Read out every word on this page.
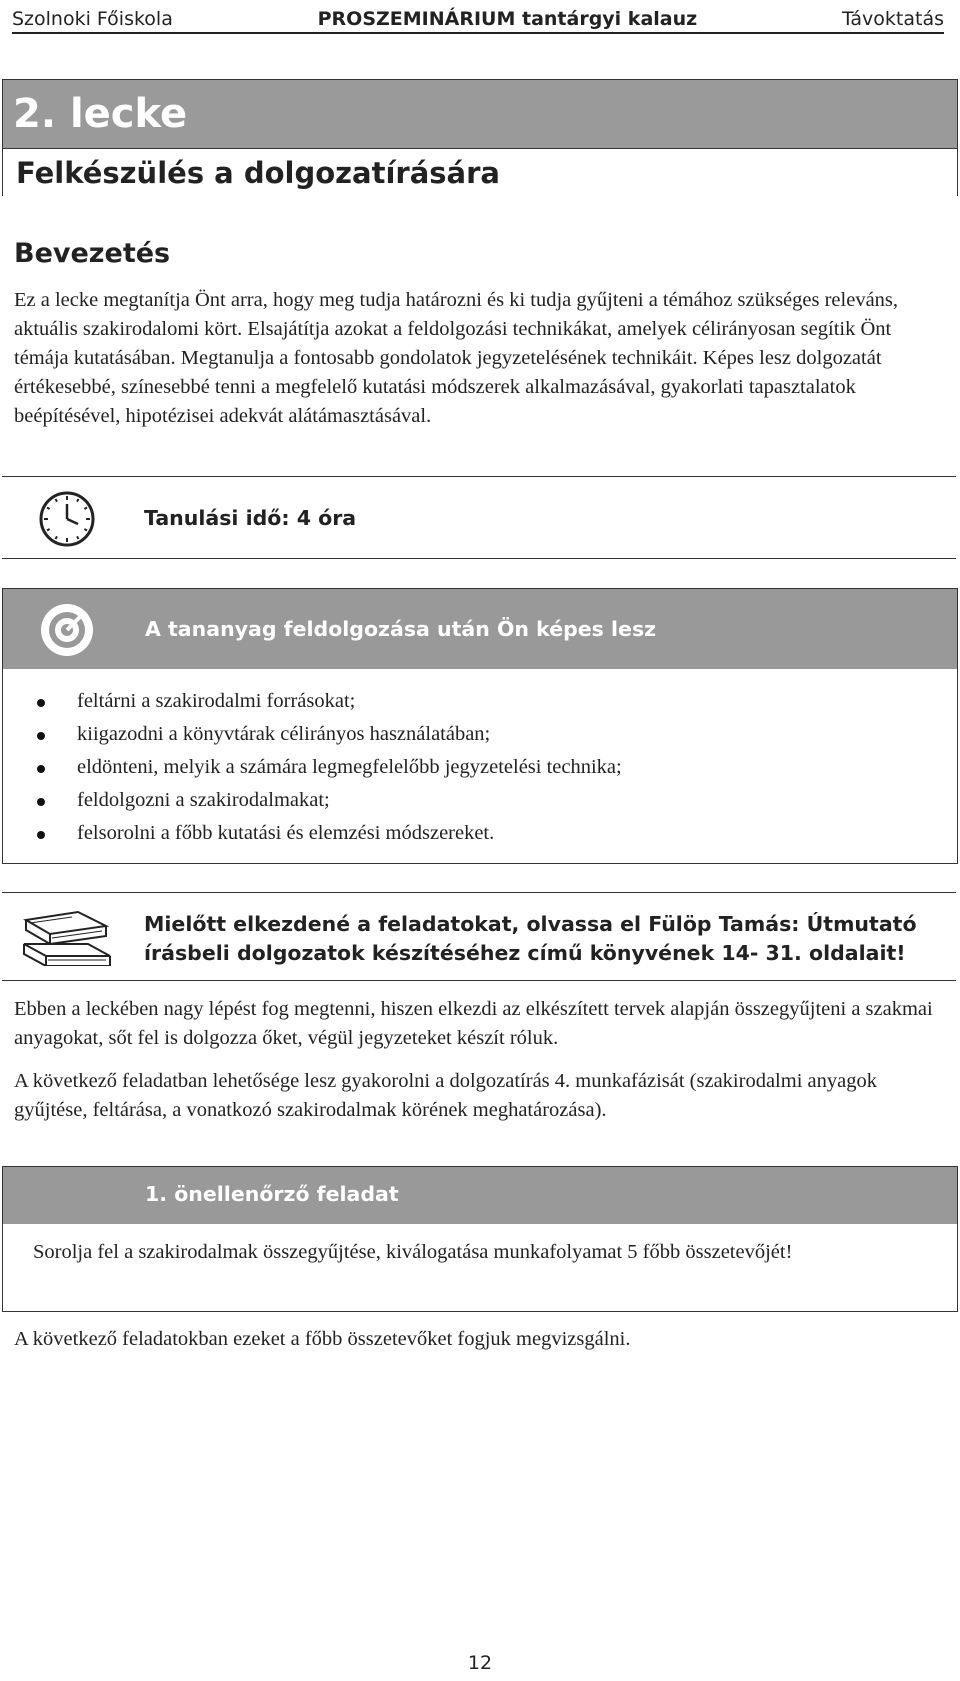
Szolnoki Főiskola	PROSZEMINÁRIUM tantárgyi kalauz	Távoktatás
2. lecke
Felkészülés a dolgozatírására
Bevezetés

Ez a lecke megtanítja Önt arra, hogy meg tudja határozni és ki tudja gyűjteni a témához szükséges releváns, aktuális szakirodalomi kört. Elsajátítja azokat a feldolgozási technikákat, amelyek célirányosan segítik Önt témája kutatásában. Megtanulja a fontosabb gondolatok jegyzetelésének technikáit. Képes lesz dolgozatát értékesebbé, színesebbé tenni a megfelelő kutatási módszerek alkalmazásával, gyakorlati tapasztalatok beépítésével, hipotézisei adekvát alátámasztásával.

Tanulási idő: 4 óra
A tananyag feldolgozása után Ön képes lesz
feltárni a szakirodalmi forrásokat;
kiigazodni a könyvtárak célirányos használatában;
eldönteni, melyik a számára legmegfelelőbb jegyzetelési technika;
feldolgozni a szakirodalmakat;
felsorolni a főbb kutatási és elemzési módszereket.
Mielőtt elkezdené a feladatokat, olvassa el Fülöp Tamás: Útmutató írásbeli dolgozatok készítéséhez című könyvének 14- 31. oldalait!

Ebben a leckében nagy lépést fog megtenni, hiszen elkezdi az elkészített tervek alapján összegyűjteni a szakmai anyagokat, sőt fel is dolgozza őket, végül jegyzeteket készít róluk.

A következő feladatban lehetősége lesz gyakorolni a dolgozatírás 4. munkafázisát (szakirodalmi anyagok gyűjtése, feltárása, a vonatkozó szakirodalmak körének meghatározása).

1. önellenőrző feladat
Sorolja fel a szakirodalmak összegyűjtése, kiválogatása munkafolyamat 5 főbb összetevőjét!

A következő feladatokban ezeket a főbb összetevőket fogjuk megvizsgálni.

12
